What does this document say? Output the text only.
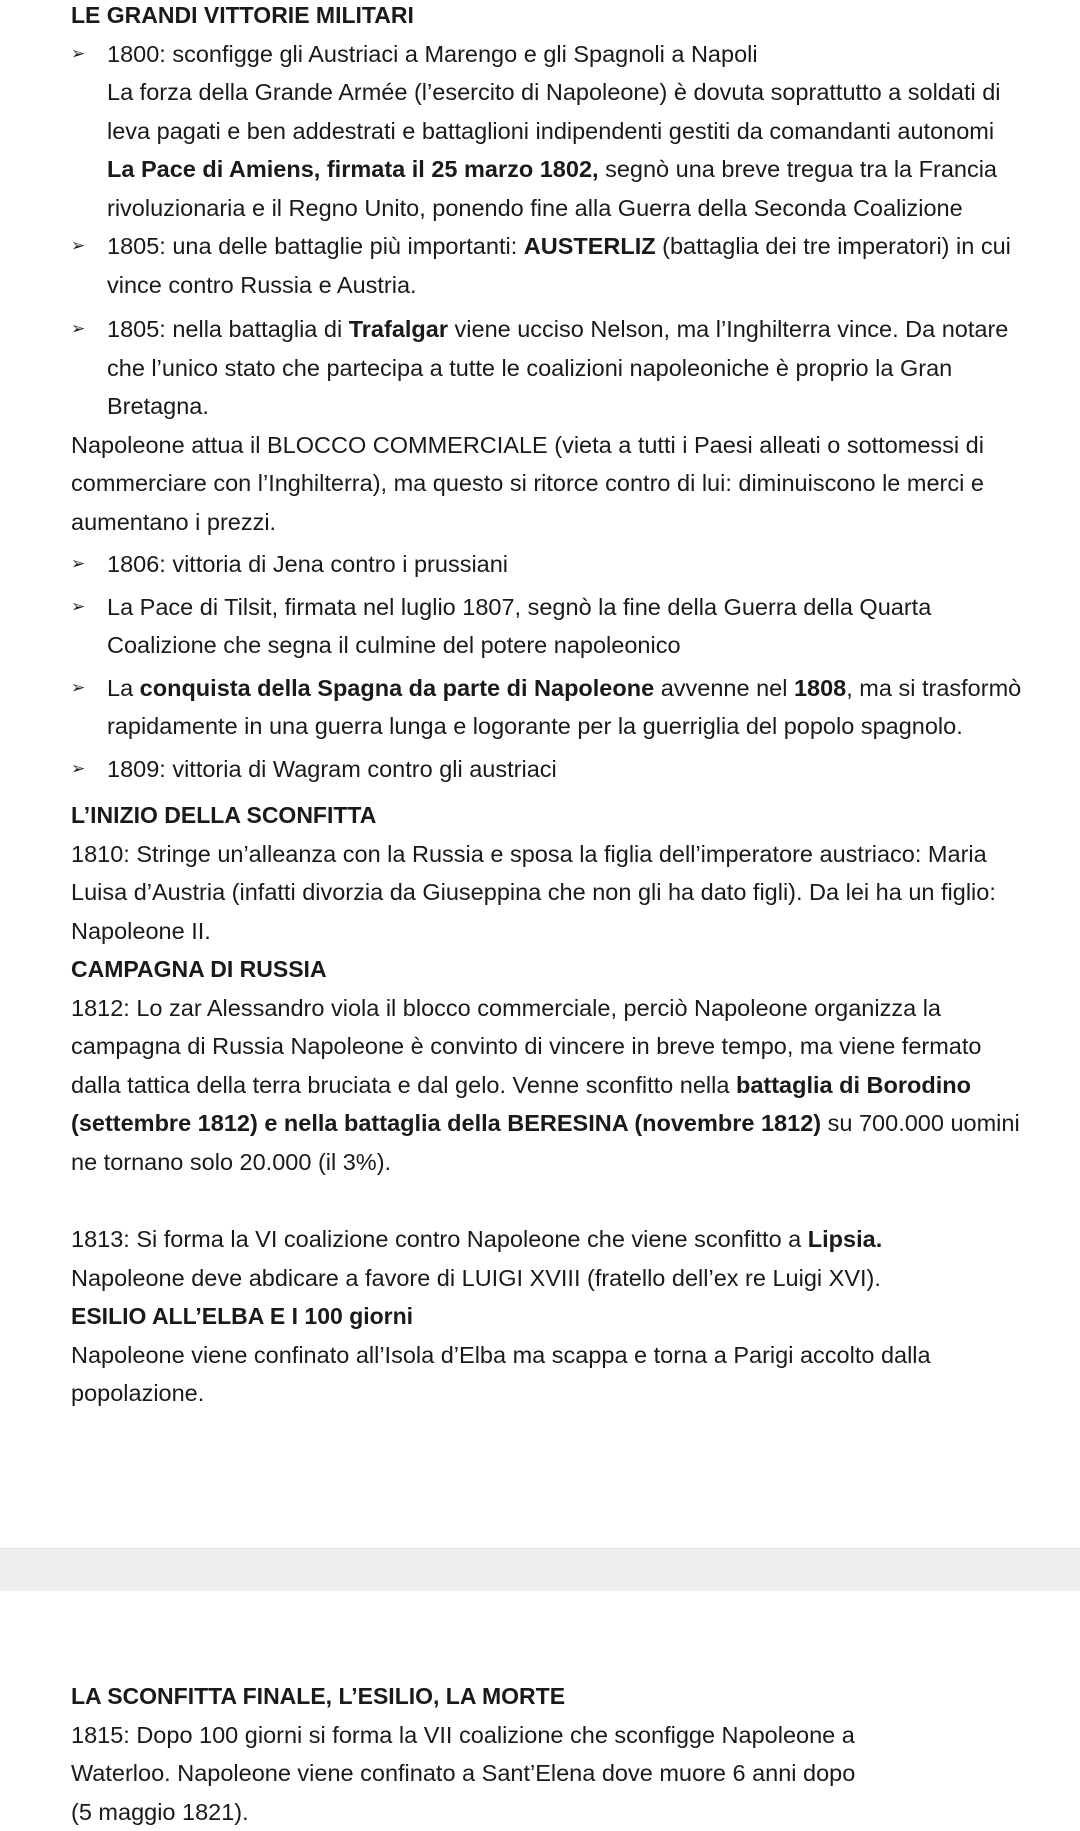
LE GRANDI VITTORIE MILITARI
➢ 1800: sconfigge gli Austriaci a Marengo e gli Spagnoli a Napoli
La forza della Grande Armée (l’esercito di Napoleone) è dovuta soprattutto a soldati di
leva pagati e ben addestrati e battaglioni indipendenti gestiti da comandanti autonomi
La Pace di Amiens, firmata il 25 marzo 1802, segnò una breve tregua tra la Francia
rivoluzionaria e il Regno Unito, ponendo fine alla Guerra della Seconda Coalizione
➢ 1805: una delle battaglie più importanti: AUSTERLIZ (battaglia dei tre imperatori) in cui
vince contro Russia e Austria.
➢ 1805: nella battaglia di Trafalgar viene ucciso Nelson, ma l’Inghilterra vince. Da notare
che l’unico stato che partecipa a tutte le coalizioni napoleoniche è proprio la Gran
Bretagna.
Napoleone attua il BLOCCO COMMERCIALE (vieta a tutti i Paesi alleati o sottomessi di
commerciare con l’Inghilterra), ma questo si ritorce contro di lui: diminuiscono le merci e
aumentano i prezzi.
➢ 1806: vittoria di Jena contro i prussiani
➢ La Pace di Tilsit, firmata nel luglio 1807, segnò la fine della Guerra della Quarta
Coalizione che segna il culmine del potere napoleonico
➢ La conquista della Spagna da parte di Napoleone avvenne nel 1808, ma si trasformò
rapidamente in una guerra lunga e logorante per la guerriglia del popolo spagnolo.
➢ 1809: vittoria di Wagram contro gli austriaci
L’INIZIO DELLA SCONFITTA
1810: Stringe un’alleanza con la Russia e sposa la figlia dell’imperatore austriaco: Maria
Luisa d’Austria (infatti divorzia da Giuseppina che non gli ha dato figli). Da lei ha un figlio:
Napoleone II.
CAMPAGNA DI RUSSIA
1812: Lo zar Alessandro viola il blocco commerciale, perciò Napoleone organizza la
campagna di Russia Napoleone è convinto di vincere in breve tempo, ma viene fermato
dalla tattica della terra bruciata e dal gelo. Venne sconfitto nella battaglia di Borodino
(settembre 1812) e nella battaglia della BERESINA (novembre 1812) su 700.000 uomini
ne tornano solo 20.000 (il 3%).
1813: Si forma la VI coalizione contro Napoleone che viene sconfitto a Lipsia.
Napoleone deve abdicare a favore di LUIGI XVIII (fratello dell’ex re Luigi XVI).
ESILIO ALL’ELBA E I 100 giorni
Napoleone viene confinato all’Isola d’Elba ma scappa e torna a Parigi accolto dalla
popolazione.
LA SCONFITTA FINALE, L’ESILIO, LA MORTE
1815: Dopo 100 giorni si forma la VII coalizione che sconfigge Napoleone a
Waterloo. Napoleone viene confinato a Sant’Elena dove muore 6 anni dopo
(5 maggio 1821).
